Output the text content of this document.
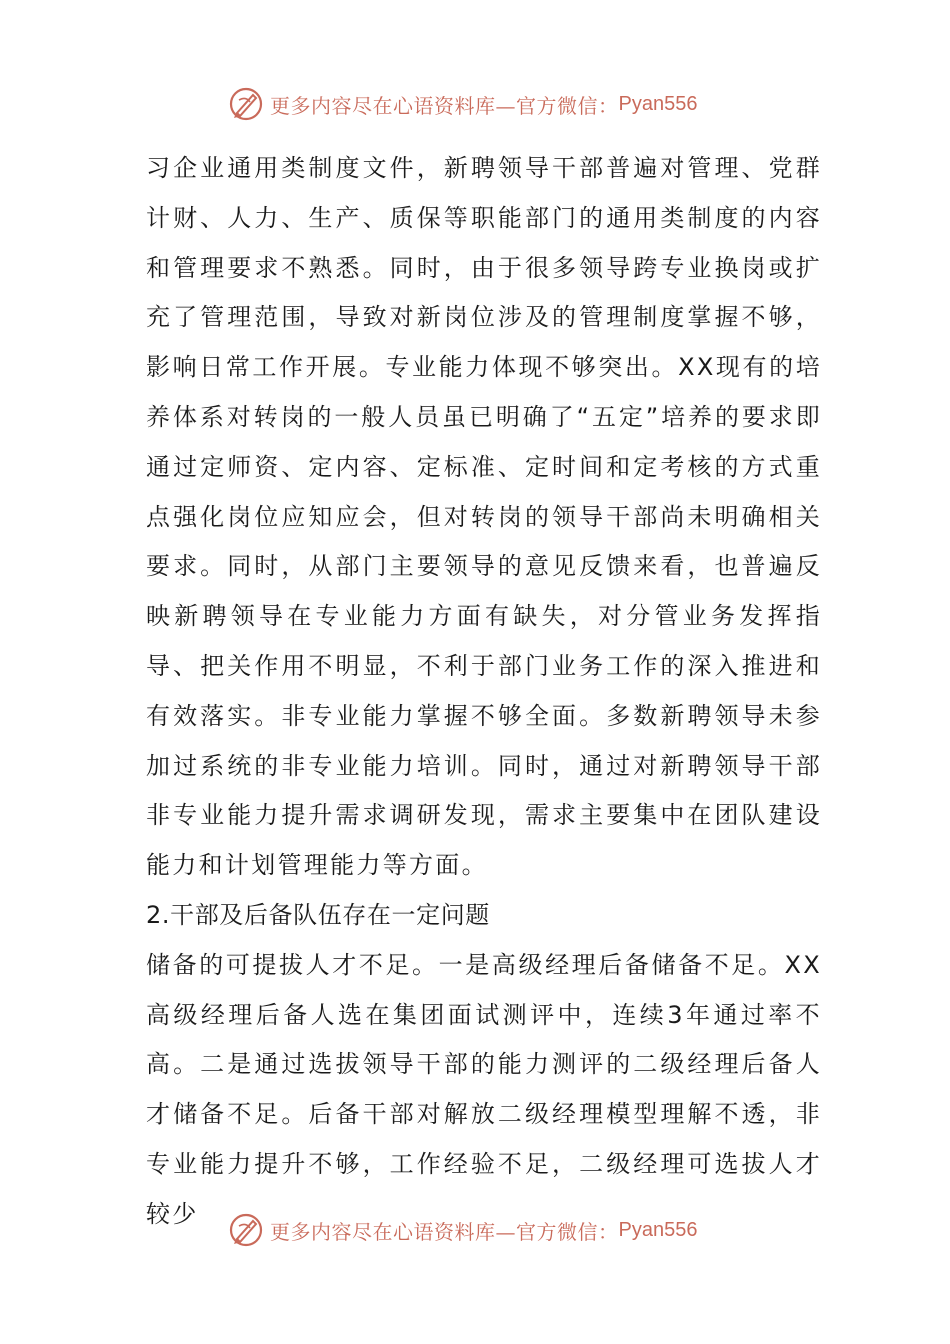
更多内容尽在心语资料库—官方微信： Pyan556

习企业通用类制度文件，新聘领导干部普遍对管理、党群计财、人力、生产、质保等职能部门的通用类制度的内容和管理要求不熟悉。同时，由于很多领导跨专业换岗或扩充了管理范围，导致对新岗位涉及的管理制度掌握不够，影响日常工作开展。专业能力体现不够突出。XX现有的培养体系对转岗的一般人员虽已明确了“五定”培养的要求即通过定师资、定内容、定标准、定时间和定考核的方式重点强化岗位应知应会，但对转岗的领导干部尚未明确相关要求。同时，从部门主要领导的意见反馈来看，也普遍反映新聘领导在专业能力方面有缺失，对分管业务发挥指导、把关作用不明显，不利于部门业务工作的深入推进和有效落实。非专业能力掌握不够全面。多数新聘领导未参加过系统的非专业能力培训。同时，通过对新聘领导干部非专业能力提升需求调研发现，需求主要集中在团队建设能力和计划管理能力等方面。

2.干部及后备队伍存在一定问题

储备的可提拔人才不足。一是高级经理后备储备不足。XX高级经理后备人选在集团面试测评中，连续3年通过率不高。二是通过选拔领导干部的能力测评的二级经理后备人才储备不足。后备干部对解放二级经理模型理解不透，非专业能力提升不够，工作经验不足，二级经理可选拔人才较少

更多内容尽在心语资料库—官方微信： Pyan556
